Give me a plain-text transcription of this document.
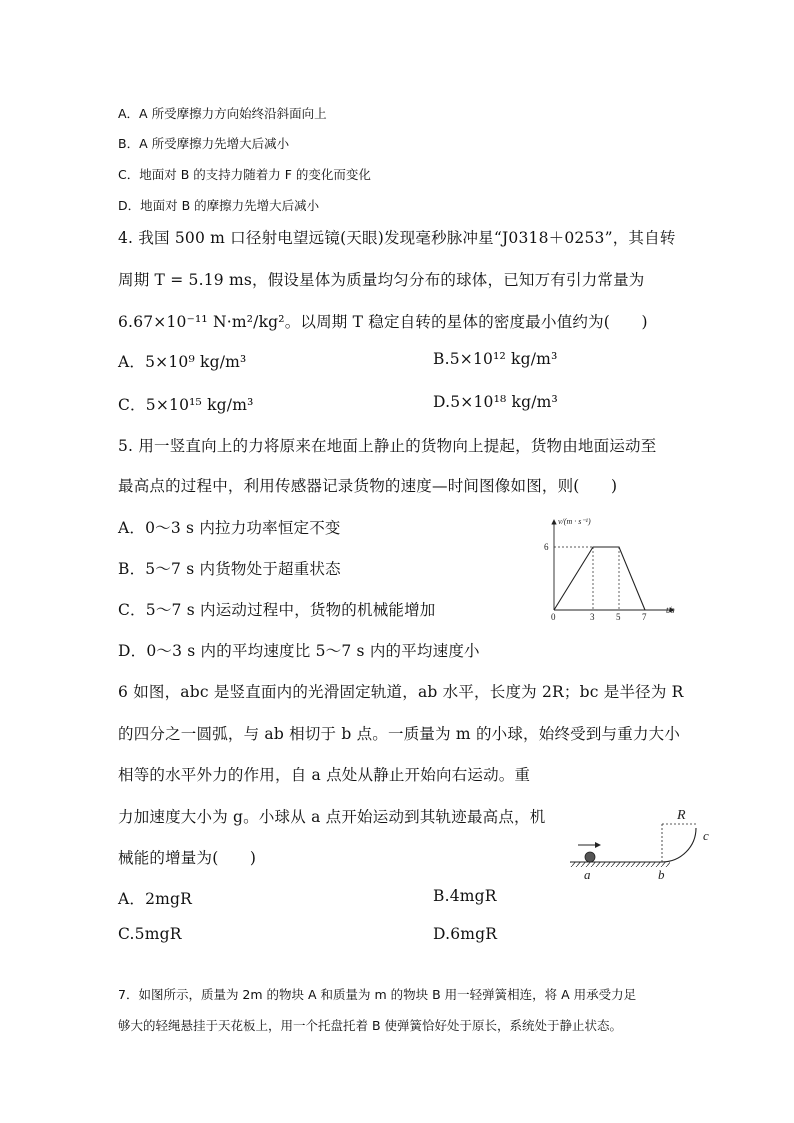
A．A 所受摩擦力方向始终沿斜面向上
B．A 所受摩擦力先增大后减小
C．地面对 B 的支持力随着力 F 的变化而变化
D．地面对 B 的摩擦力先增大后减小
4. 我国 500 m 口径射电望远镜(天眼)发现毫秒脉冲星“J0318＋0253”，其自转
周期 T = 5.19 ms，假设星体为质量均匀分布的球体，已知万有引力常量为
6.67×10⁻¹¹ N·m²/kg²。以周期 T 稳定自转的星体的密度最小值约为(　　)
A．5×10⁹ kg/m³	B.5×10¹² kg/m³
C．5×10¹⁵ kg/m³	D.5×10¹⁸ kg/m³
5. 用一竖直向上的力将原来在地面上静止的货物向上提起，货物由地面运动至
最高点的过程中，利用传感器记录货物的速度—时间图像如图，则(　　)
A．0～3 s 内拉力功率恒定不变
B．5～7 s 内货物处于超重状态
C．5～7 s 内运动过程中，货物的机械能增加
D．0～3 s 内的平均速度比 5～7 s 内的平均速度小
v/(m · s⁻¹)
t/s
0	3 5 7
6
6 如图，abc 是竖直面内的光滑固定轨道，ab 水平，长度为 2R；bc 是半径为 R
的四分之一圆弧，与 ab 相切于 b 点。一质量为 m 的小球，始终受到与重力大小
相等的水平外力的作用，自 a 点处从静止开始向右运动。重
力加速度大小为 g。小球从 a 点开始运动到其轨迹最高点，机
械能的增量为(　　)
A．2mgR	B.4mgR
C.5mgR	D.6mgR
R
c
a	b
7．如图所示，质量为 2m 的物块 A 和质量为 m 的物块 B 用一轻弹簧相连，将 A 用承受力足
够大的轻绳悬挂于天花板上，用一个托盘托着 B 使弹簧恰好处于原长，系统处于静止状态。
